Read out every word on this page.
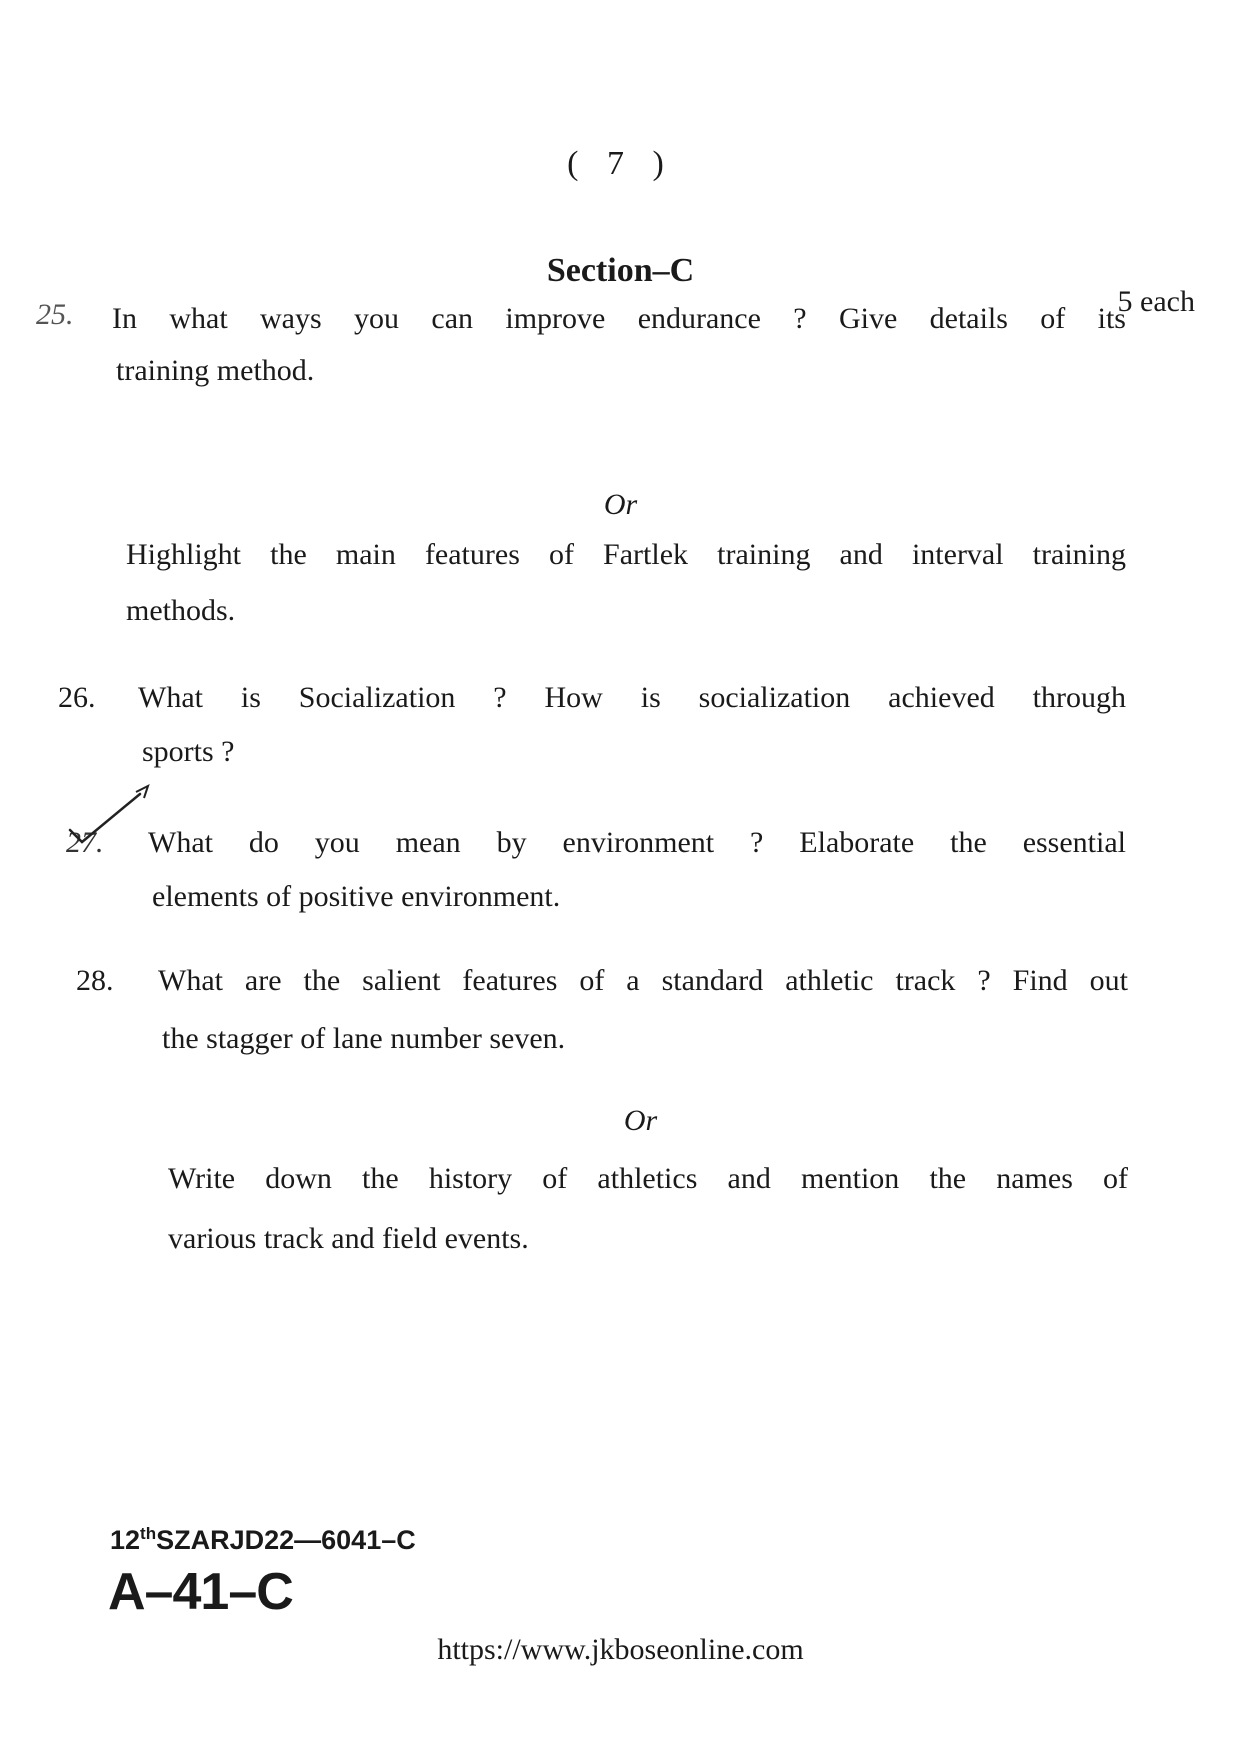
( 7 )
Section–C
5 each
25. In what ways you can improve endurance ? Give details of its
training method.
Or
Highlight the main features of Fartlek training and interval training
methods.
26. What is Socialization ? How is socialization achieved through
sports ?
27. What do you mean by environment ? Elaborate the essential
elements of positive environment.
28. What are the salient features of a standard athletic track ? Find out
the stagger of lane number seven.
Or
Write down the history of athletics and mention the names of
various track and field events.
12thSZARJD22—6041–C
A–41–C
https://www.jkboseonline.com
